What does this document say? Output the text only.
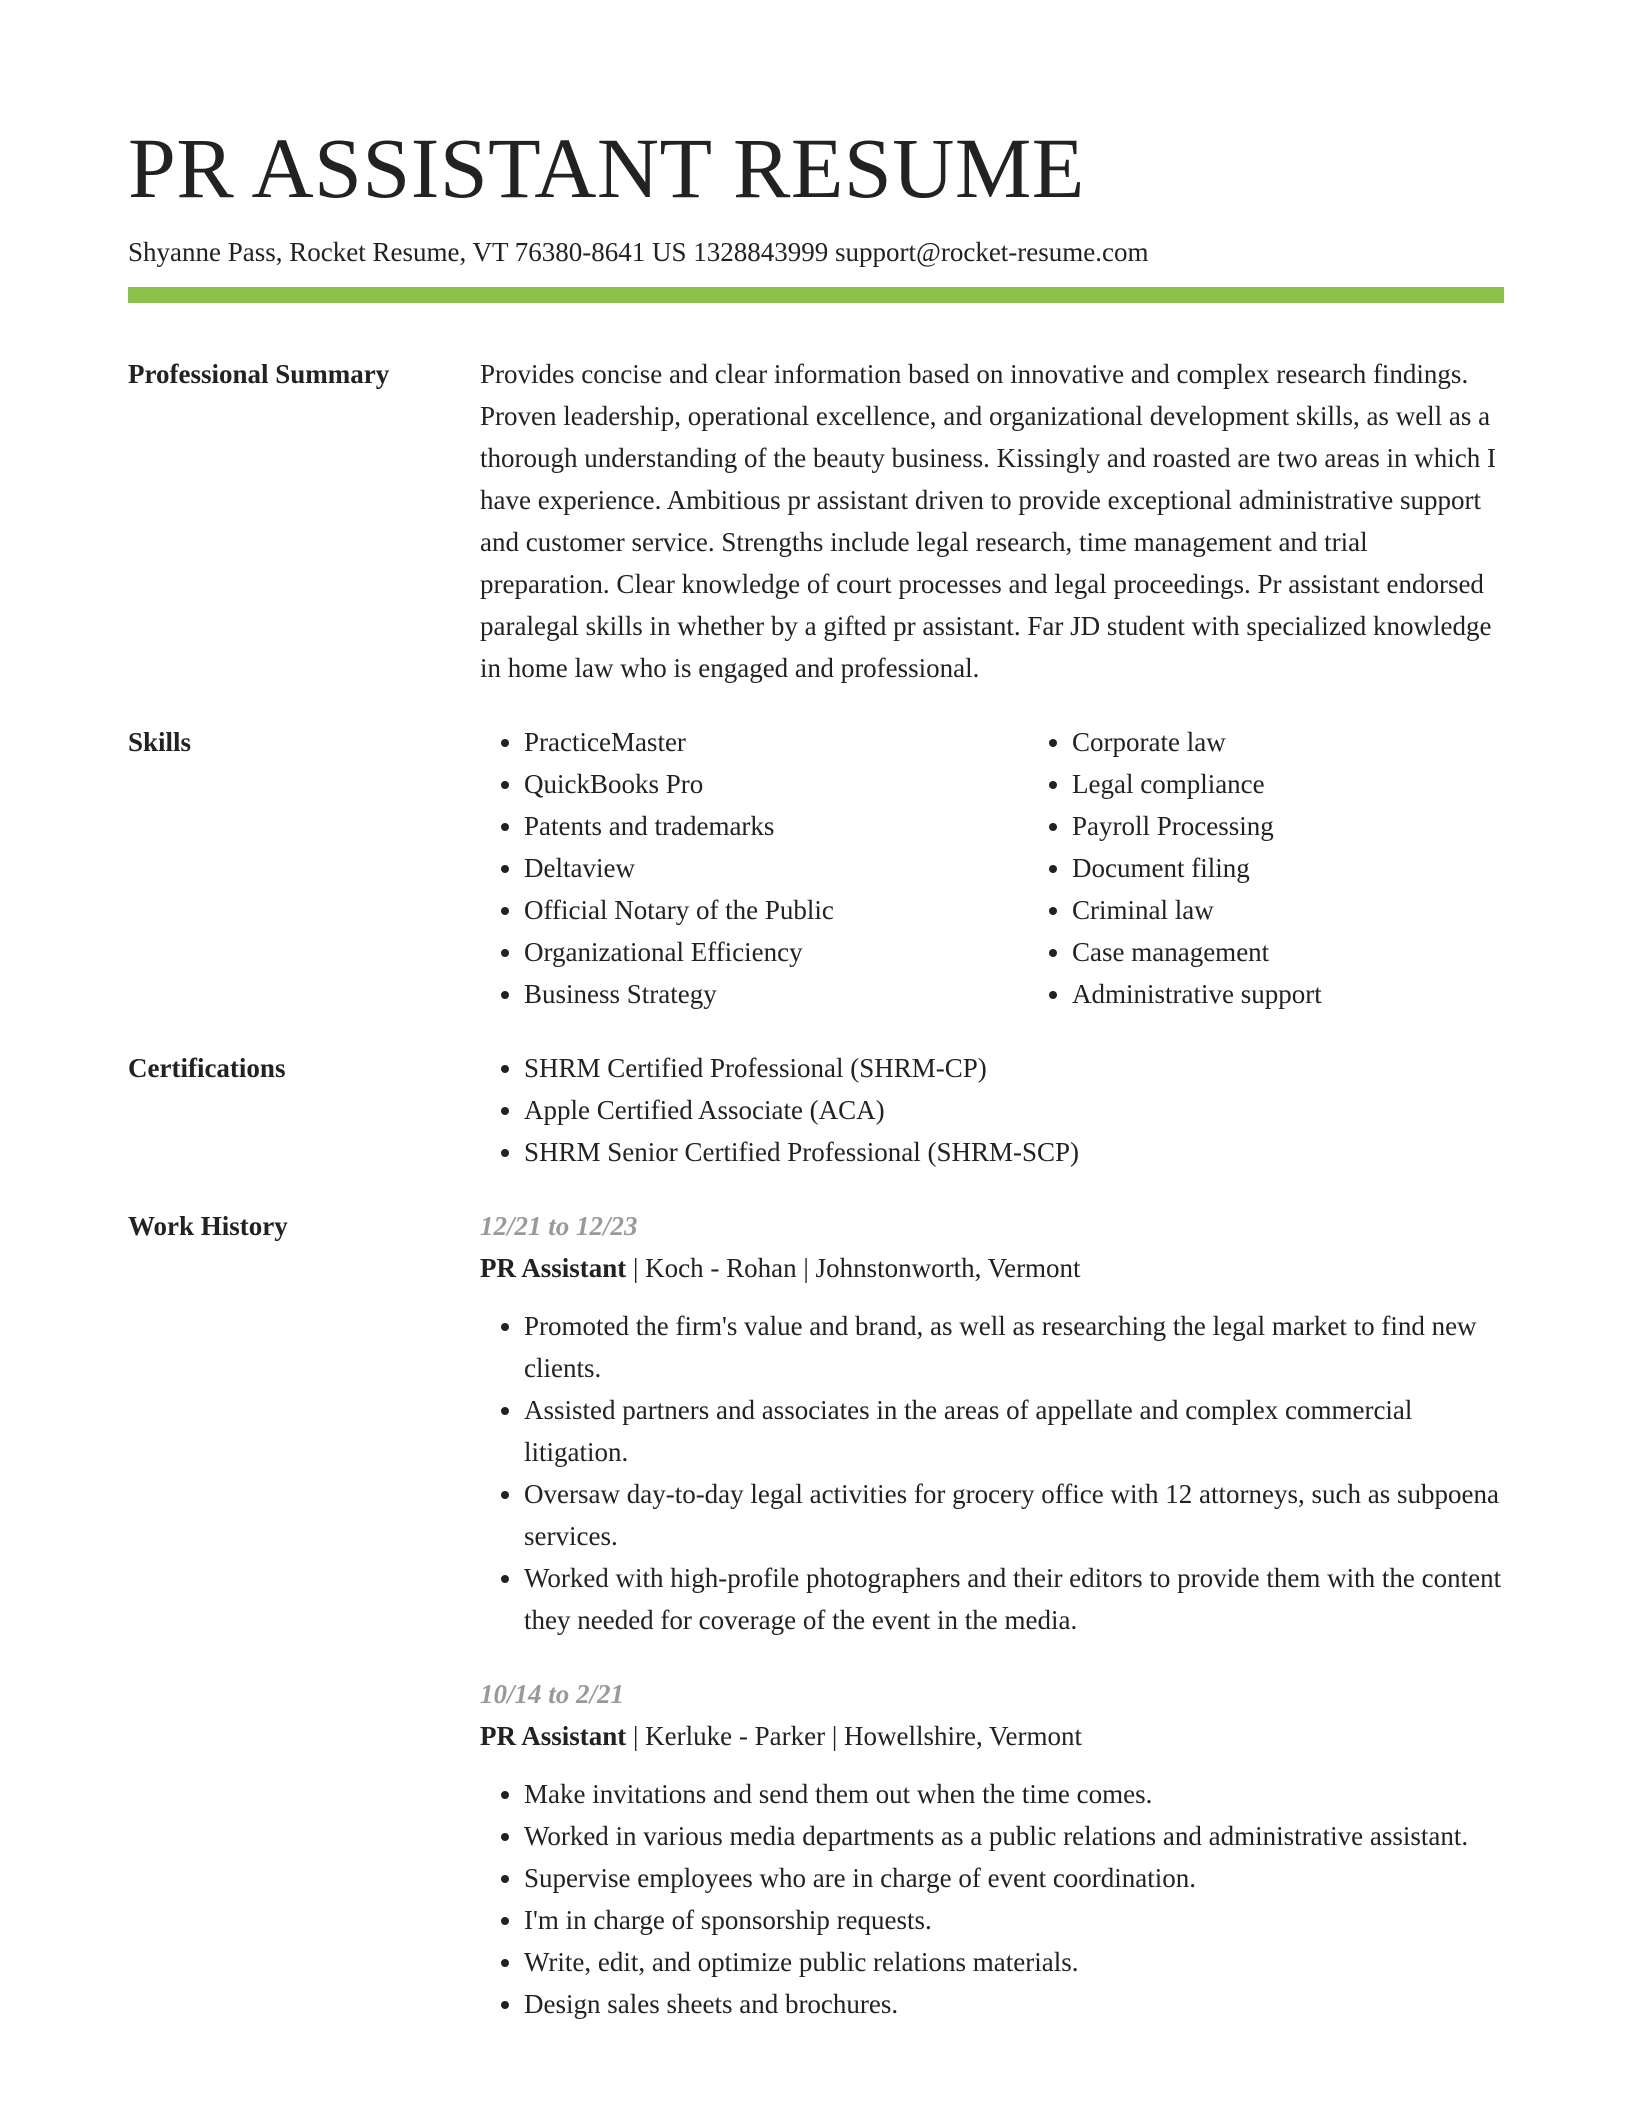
PR ASSISTANT RESUME
Shyanne Pass, Rocket Resume, VT 76380-8641 US 1328843999 support@rocket-resume.com
Professional Summary	Provides concise and clear information based on innovative and complex research findings. Proven leadership, operational excellence, and organizational development skills, as well as a thorough understanding of the beauty business. Kissingly and roasted are two areas in which I have experience. Ambitious pr assistant driven to provide exceptional administrative support and customer service. Strengths include legal research, time management and trial preparation. Clear knowledge of court processes and legal proceedings. Pr assistant endorsed paralegal skills in whether by a gifted pr assistant. Far JD student with specialized knowledge in home law who is engaged and professional.
Skills	• PracticeMaster
• QuickBooks Pro
• Patents and trademarks
• Deltaview
• Official Notary of the Public
• Organizational Efficiency
• Business Strategy
• Corporate law
• Legal compliance
• Payroll Processing
• Document filing
• Criminal law
• Case management
• Administrative support
Certifications	• SHRM Certified Professional (SHRM-CP)
• Apple Certified Associate (ACA)
• SHRM Senior Certified Professional (SHRM-SCP)
Work History	12/21 to 12/23
PR Assistant | Koch - Rohan | Johnstonworth, Vermont
• Promoted the firm's value and brand, as well as researching the legal market to find new clients.
• Assisted partners and associates in the areas of appellate and complex commercial litigation.
• Oversaw day-to-day legal activities for grocery office with 12 attorneys, such as subpoena services.
• Worked with high-profile photographers and their editors to provide them with the content they needed for coverage of the event in the media.
10/14 to 2/21
PR Assistant | Kerluke - Parker | Howellshire, Vermont
• Make invitations and send them out when the time comes.
• Worked in various media departments as a public relations and administrative assistant.
• Supervise employees who are in charge of event coordination.
• I'm in charge of sponsorship requests.
• Write, edit, and optimize public relations materials.
• Design sales sheets and brochures.
